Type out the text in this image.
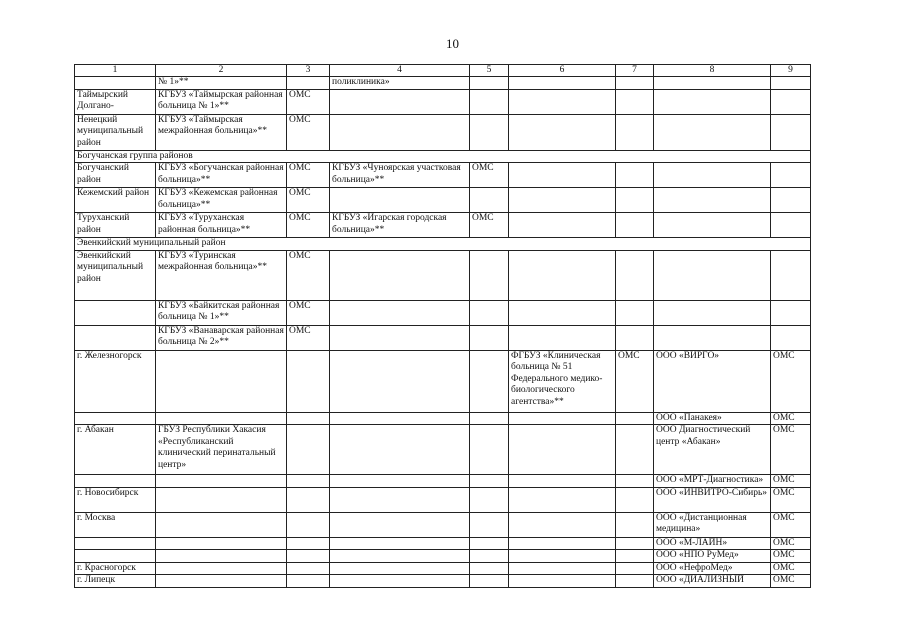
10
1	2	3	4	5	6	7	8	9
	№ 1»**		поликлиника»					
Таймырский Долгано-	КГБУЗ «Таймырская районная больница № 1»**	ОМС						
Ненецкий муниципальный район	КГБУЗ «Таймырская межрайонная больница»**	ОМС						
Богучанская группа районов								
Богучанский район	КГБУЗ «Богучанская районная больница»**	ОМС	КГБУЗ «Чуноярская участковая больница»**	ОМС				
Кежемский район	КГБУЗ «Кежемская районная больница»**	ОМС						
Туруханский район	КГБУЗ «Туруханская районная больница»**	ОМС	КГБУЗ «Игарская городская больница»**	ОМС				
Эвенкийский муниципальный район								
Эвенкийский муниципальный район	КГБУЗ «Туринская межрайонная больница»**	ОМС						
	КГБУЗ «Байкитская районная больница № 1»**	ОМС						
	КГБУЗ «Ванаварская районная больница № 2»**	ОМС						
г. Железногорск					ФГБУЗ «Клиническая больница № 51 Федерального медико-биологического агентства»**	ОМС	ООО «ВИРГО»	ОМС
							ООО «Панакея»	ОМС
г. Абакан	ГБУЗ Республики Хакасия «Республиканский клинический перинатальный центр»						ООО Диагностический центр «Абакан»	ОМС
							ООО «МРТ-Диагностика»	ОМС
г. Новосибирск							ООО «ИНВИТРО-Сибирь»	ОМС
г. Москва							ООО «Дистанционная медицина»	ОМС
							ООО «М-ЛАЙН»	ОМС
							ООО «НПО РуМед»	ОМС
г. Красногорск							ООО «НефроМед»	ОМС
г. Липецк							ООО «ДИАЛИЗНЫЙ	ОМС
